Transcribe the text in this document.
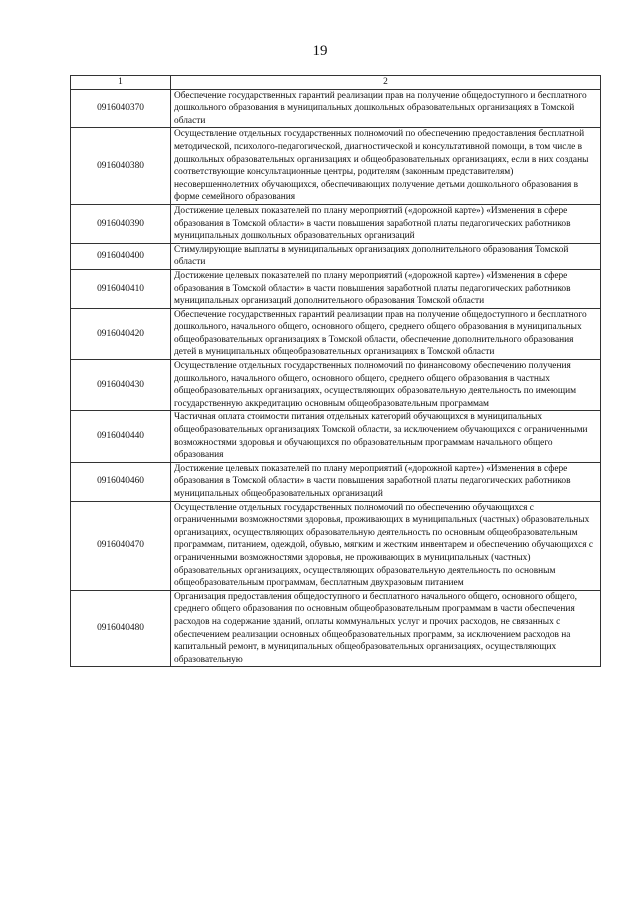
19
1	2
0916040370	Обеспечение государственных гарантий реализации прав на получение общедоступного и бесплатного дошкольного образования в муниципальных дошкольных образовательных организациях в Томской области
0916040380	Осуществление отдельных государственных полномочий по обеспечению предоставления бесплатной методической, психолого-педагогической, диагностической и консультативной помощи, в том числе в дошкольных образовательных организациях и общеобразовательных организациях, если в них созданы соответствующие консультационные центры, родителям (законным представителям) несовершеннолетних обучающихся, обеспечивающих получение детьми дошкольного образования в форме семейного образования
0916040390	Достижение целевых показателей по плану мероприятий («дорожной карте») «Изменения в сфере образования в Томской области» в части повышения заработной платы педагогических работников муниципальных дошкольных образовательных организаций
0916040400	Стимулирующие выплаты в муниципальных организациях дополнительного образования Томской области
0916040410	Достижение целевых показателей по плану мероприятий («дорожной карте») «Изменения в сфере образования в Томской области» в части повышения заработной платы педагогических работников муниципальных организаций дополнительного образования Томской области
0916040420	Обеспечение государственных гарантий реализации прав на получение общедоступного и бесплатного дошкольного, начального общего, основного общего, среднего общего образования в муниципальных общеобразовательных организациях в Томской области, обеспечение дополнительного образования детей в муниципальных общеобразовательных организациях в Томской области
0916040430	Осуществление отдельных государственных полномочий по финансовому обеспечению получения дошкольного, начального общего, основного общего, среднего общего образования в частных общеобразовательных организациях, осуществляющих образовательную деятельность по имеющим государственную аккредитацию основным общеобразовательным программам
0916040440	Частичная оплата стоимости питания отдельных категорий обучающихся в муниципальных общеобразовательных организациях Томской области, за исключением обучающихся с ограниченными возможностями здоровья и обучающихся по образовательным программам начального общего образования
0916040460	Достижение целевых показателей по плану мероприятий («дорожной карте») «Изменения в сфере образования в Томской области» в части повышения заработной платы педагогических работников муниципальных общеобразовательных организаций
0916040470	Осуществление отдельных государственных полномочий по обеспечению обучающихся с ограниченными возможностями здоровья, проживающих в муниципальных (частных) образовательных организациях, осуществляющих образовательную деятельность по основным общеобразовательным программам, питанием, одеждой, обувью, мягким и жестким инвентарем и обеспечению обучающихся с ограниченными возможностями здоровья, не проживающих в муниципальных (частных) образовательных организациях, осуществляющих образовательную деятельность по основным общеобразовательным программам, бесплатным двухразовым питанием
0916040480	Организация предоставления общедоступного и бесплатного начального общего, основного общего, среднего общего образования по основным общеобразовательным программам в части обеспечения расходов на содержание зданий, оплаты коммунальных услуг и прочих расходов, не связанных с обеспечением реализации основных общеобразовательных программ, за исключением расходов на капитальный ремонт, в муниципальных общеобразовательных организациях, осуществляющих образовательную
